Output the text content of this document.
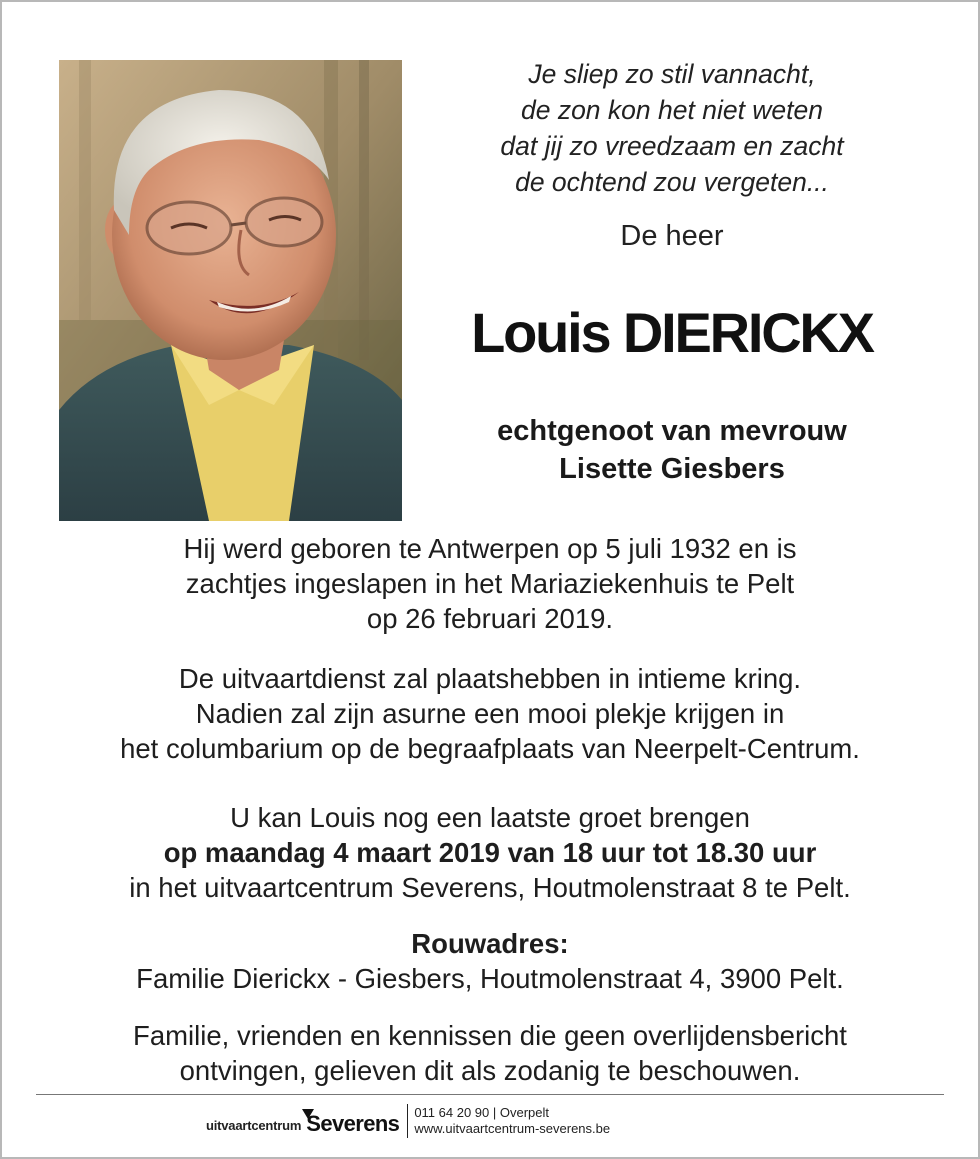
Je sliep zo stil vannacht,
de zon kon het niet weten
dat jij zo vreedzaam en zacht
de ochtend zou vergeten...
De heer
Louis DIERICKX
echtgenoot van mevrouw
Lisette Giesbers
Hij werd geboren te Antwerpen op 5 juli 1932 en is
zachtjes ingeslapen in het Mariaziekenhuis te Pelt
op 26 februari 2019.
De uitvaartdienst zal plaatshebben in intieme kring.
Nadien zal zijn asurne een mooi plekje krijgen in
het columbarium op de begraafplaats van Neerpelt-Centrum.
U kan Louis nog een laatste groet brengen
op maandag 4 maart 2019 van 18 uur tot 18.30 uur
in het uitvaartcentrum Severens, Houtmolenstraat 8 te Pelt.
Rouwadres:
Familie Dierickx - Giesbers, Houtmolenstraat 4, 3900 Pelt.
Familie, vrienden en kennissen die geen overlijdensbericht
ontvingen, gelieven dit als zodanig te beschouwen.
uitvaartcentrum Severens 011 64 20 90 | Overpelt
www.uitvaartcentrum-severens.be
